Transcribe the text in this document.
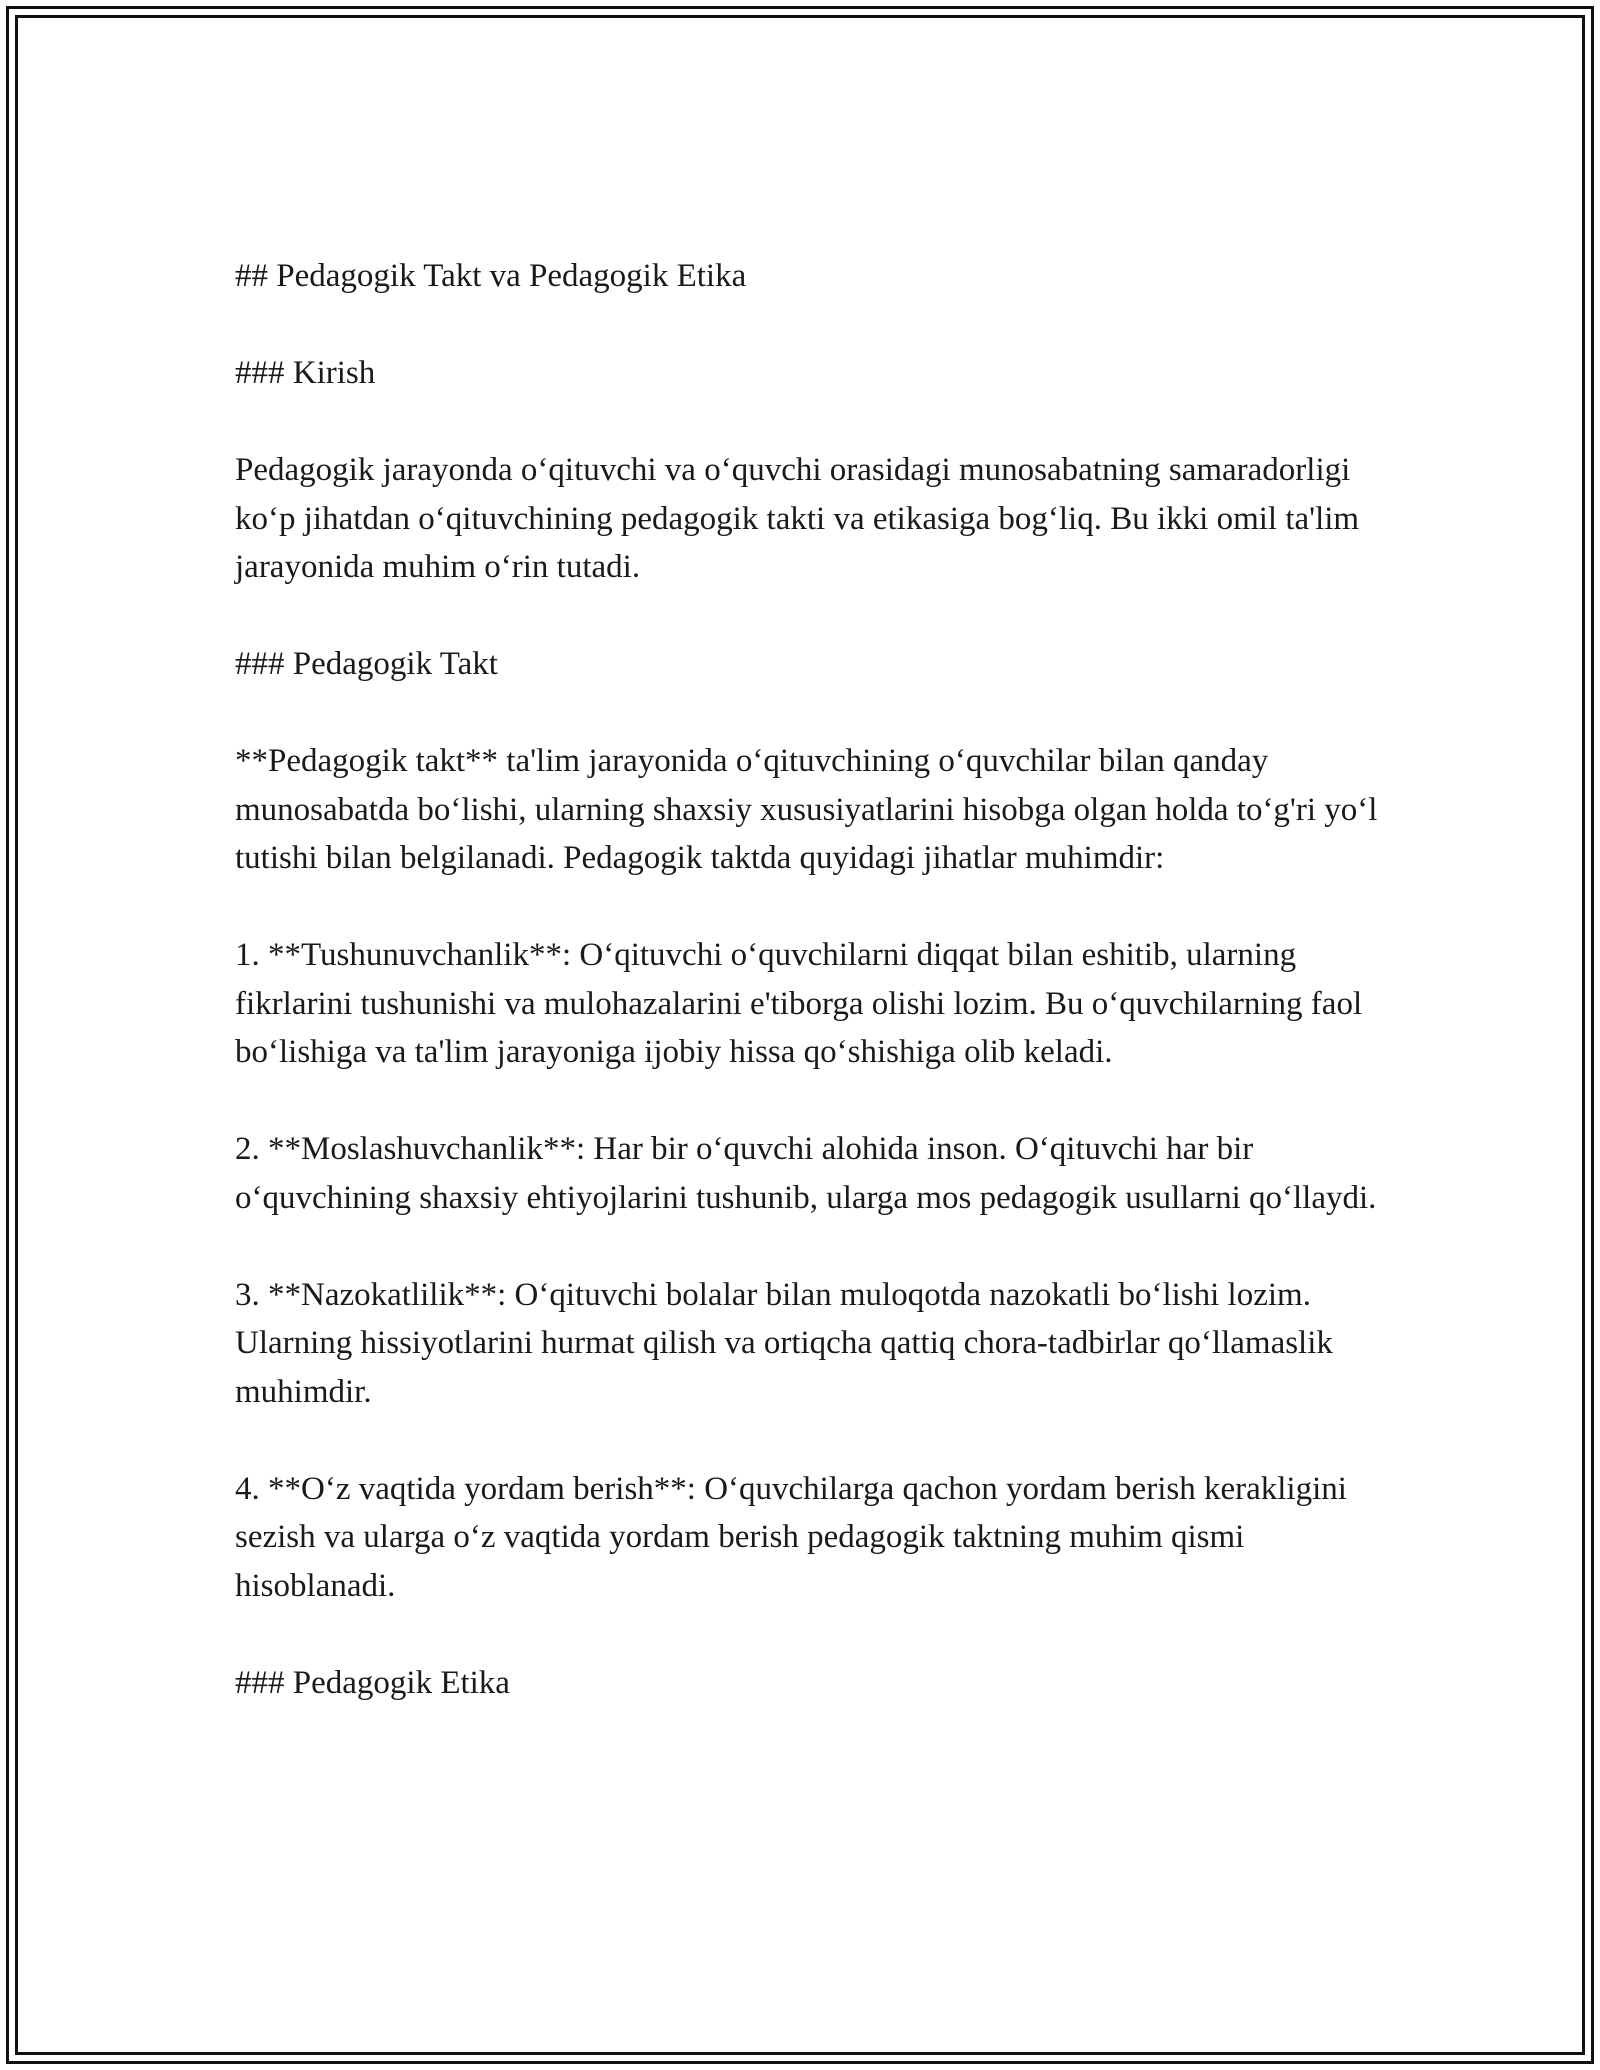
## Pedagogik Takt va Pedagogik Etika

### Kirish

Pedagogik jarayonda o‘qituvchi va o‘quvchi orasidagi munosabatning samaradorligi ko‘p jihatdan o‘qituvchining pedagogik takti va etikasiga bog‘liq. Bu ikki omil ta'lim jarayonida muhim o‘rin tutadi.

### Pedagogik Takt

**Pedagogik takt** ta'lim jarayonida o‘qituvchining o‘quvchilar bilan qanday munosabatda bo‘lishi, ularning shaxsiy xususiyatlarini hisobga olgan holda to‘g'ri yo‘l tutishi bilan belgilanadi. Pedagogik taktda quyidagi jihatlar muhimdir:

1. **Tushunuvchanlik**: O‘qituvchi o‘quvchilarni diqqat bilan eshitib, ularning fikrlarini tushunishi va mulohazalarini e'tiborga olishi lozim. Bu o‘quvchilarning faol bo‘lishiga va ta'lim jarayoniga ijobiy hissa qo‘shishiga olib keladi.

2. **Moslashuvchanlik**: Har bir o‘quvchi alohida inson. O‘qituvchi har bir o‘quvchining shaxsiy ehtiyojlarini tushunib, ularga mos pedagogik usullarni qo‘llaydi.

3. **Nazokatlilik**: O‘qituvchi bolalar bilan muloqotda nazokatli bo‘lishi lozim. Ularning hissiyotlarini hurmat qilish va ortiqcha qattiq chora-tadbirlar qo‘llamaslik muhimdir.

4. **O‘z vaqtida yordam berish**: O‘quvchilarga qachon yordam berish kerakligini sezish va ularga o‘z vaqtida yordam berish pedagogik taktning muhim qismi hisoblanadi.

### Pedagogik Etika
